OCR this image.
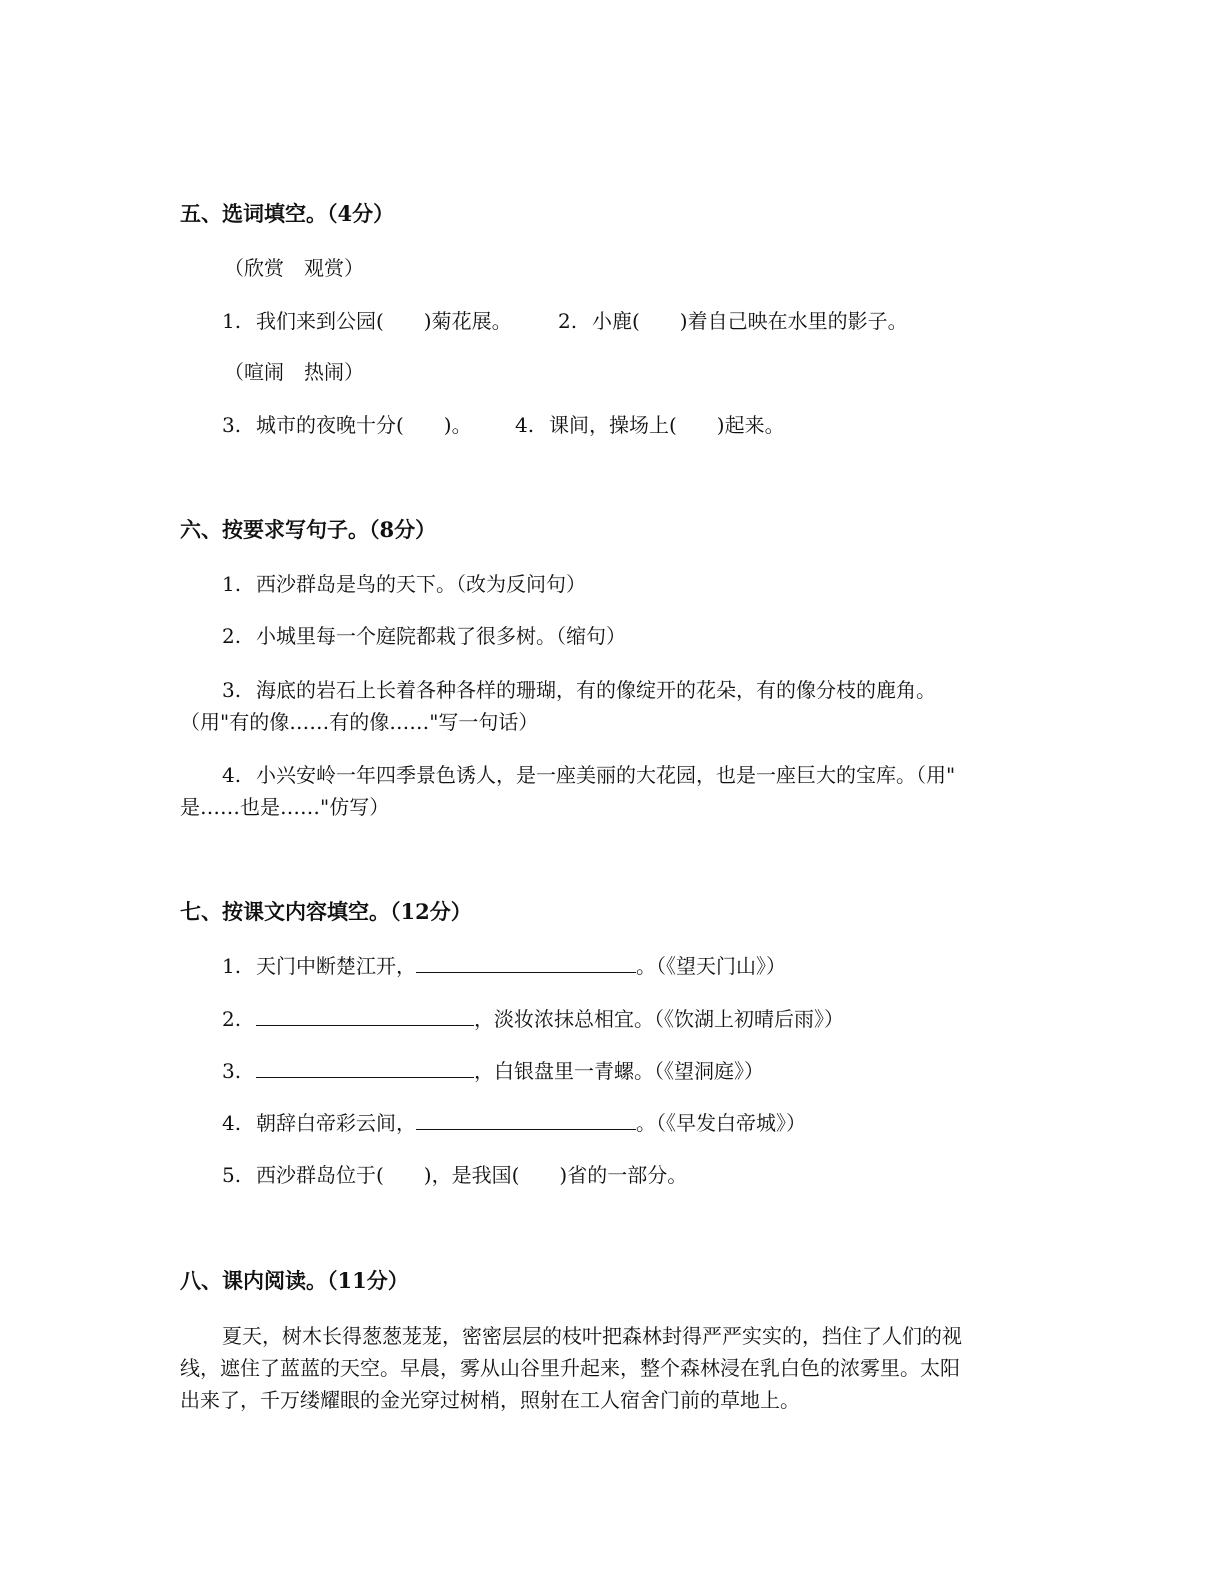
五、选词填空。（4分）
（欣赏　观赏）
1. 我们来到公园(　　)菊花展。 2. 小鹿(　　)着自己映在水里的影子。
（喧闹　热闹）
3. 城市的夜晚十分(　　)。 4. 课间，操场上(　　)起来。
六、按要求写句子。（8分）
1. 西沙群岛是鸟的天下。（改为反问句）
2. 小城里每一个庭院都栽了很多树。（缩句）
3. 海底的岩石上长着各种各样的珊瑚，有的像绽开的花朵，有的像分枝的鹿角。
（用"有的像……有的像……"写一句话）
4. 小兴安岭一年四季景色诱人，是一座美丽的大花园，也是一座巨大的宝库。（用"
是……也是……"仿写）
七、按课文内容填空。（12分）
1. 天门中断楚江开，	。（《望天门山》）
2.	，淡妆浓抹总相宜。（《饮湖上初晴后雨》）
3.	，白银盘里一青螺。（《望洞庭》）
4. 朝辞白帝彩云间，	。（《早发白帝城》）
5. 西沙群岛位于(　　)，是我国(　　)省的一部分。
八、课内阅读。（11分）
夏天，树木长得葱葱茏茏，密密层层的枝叶把森林封得严严实实的，挡住了人们的视
线，遮住了蓝蓝的天空。早晨，雾从山谷里升起来，整个森林浸在乳白色的浓雾里。太阳
出来了，千万缕耀眼的金光穿过树梢，照射在工人宿舍门前的草地上。
